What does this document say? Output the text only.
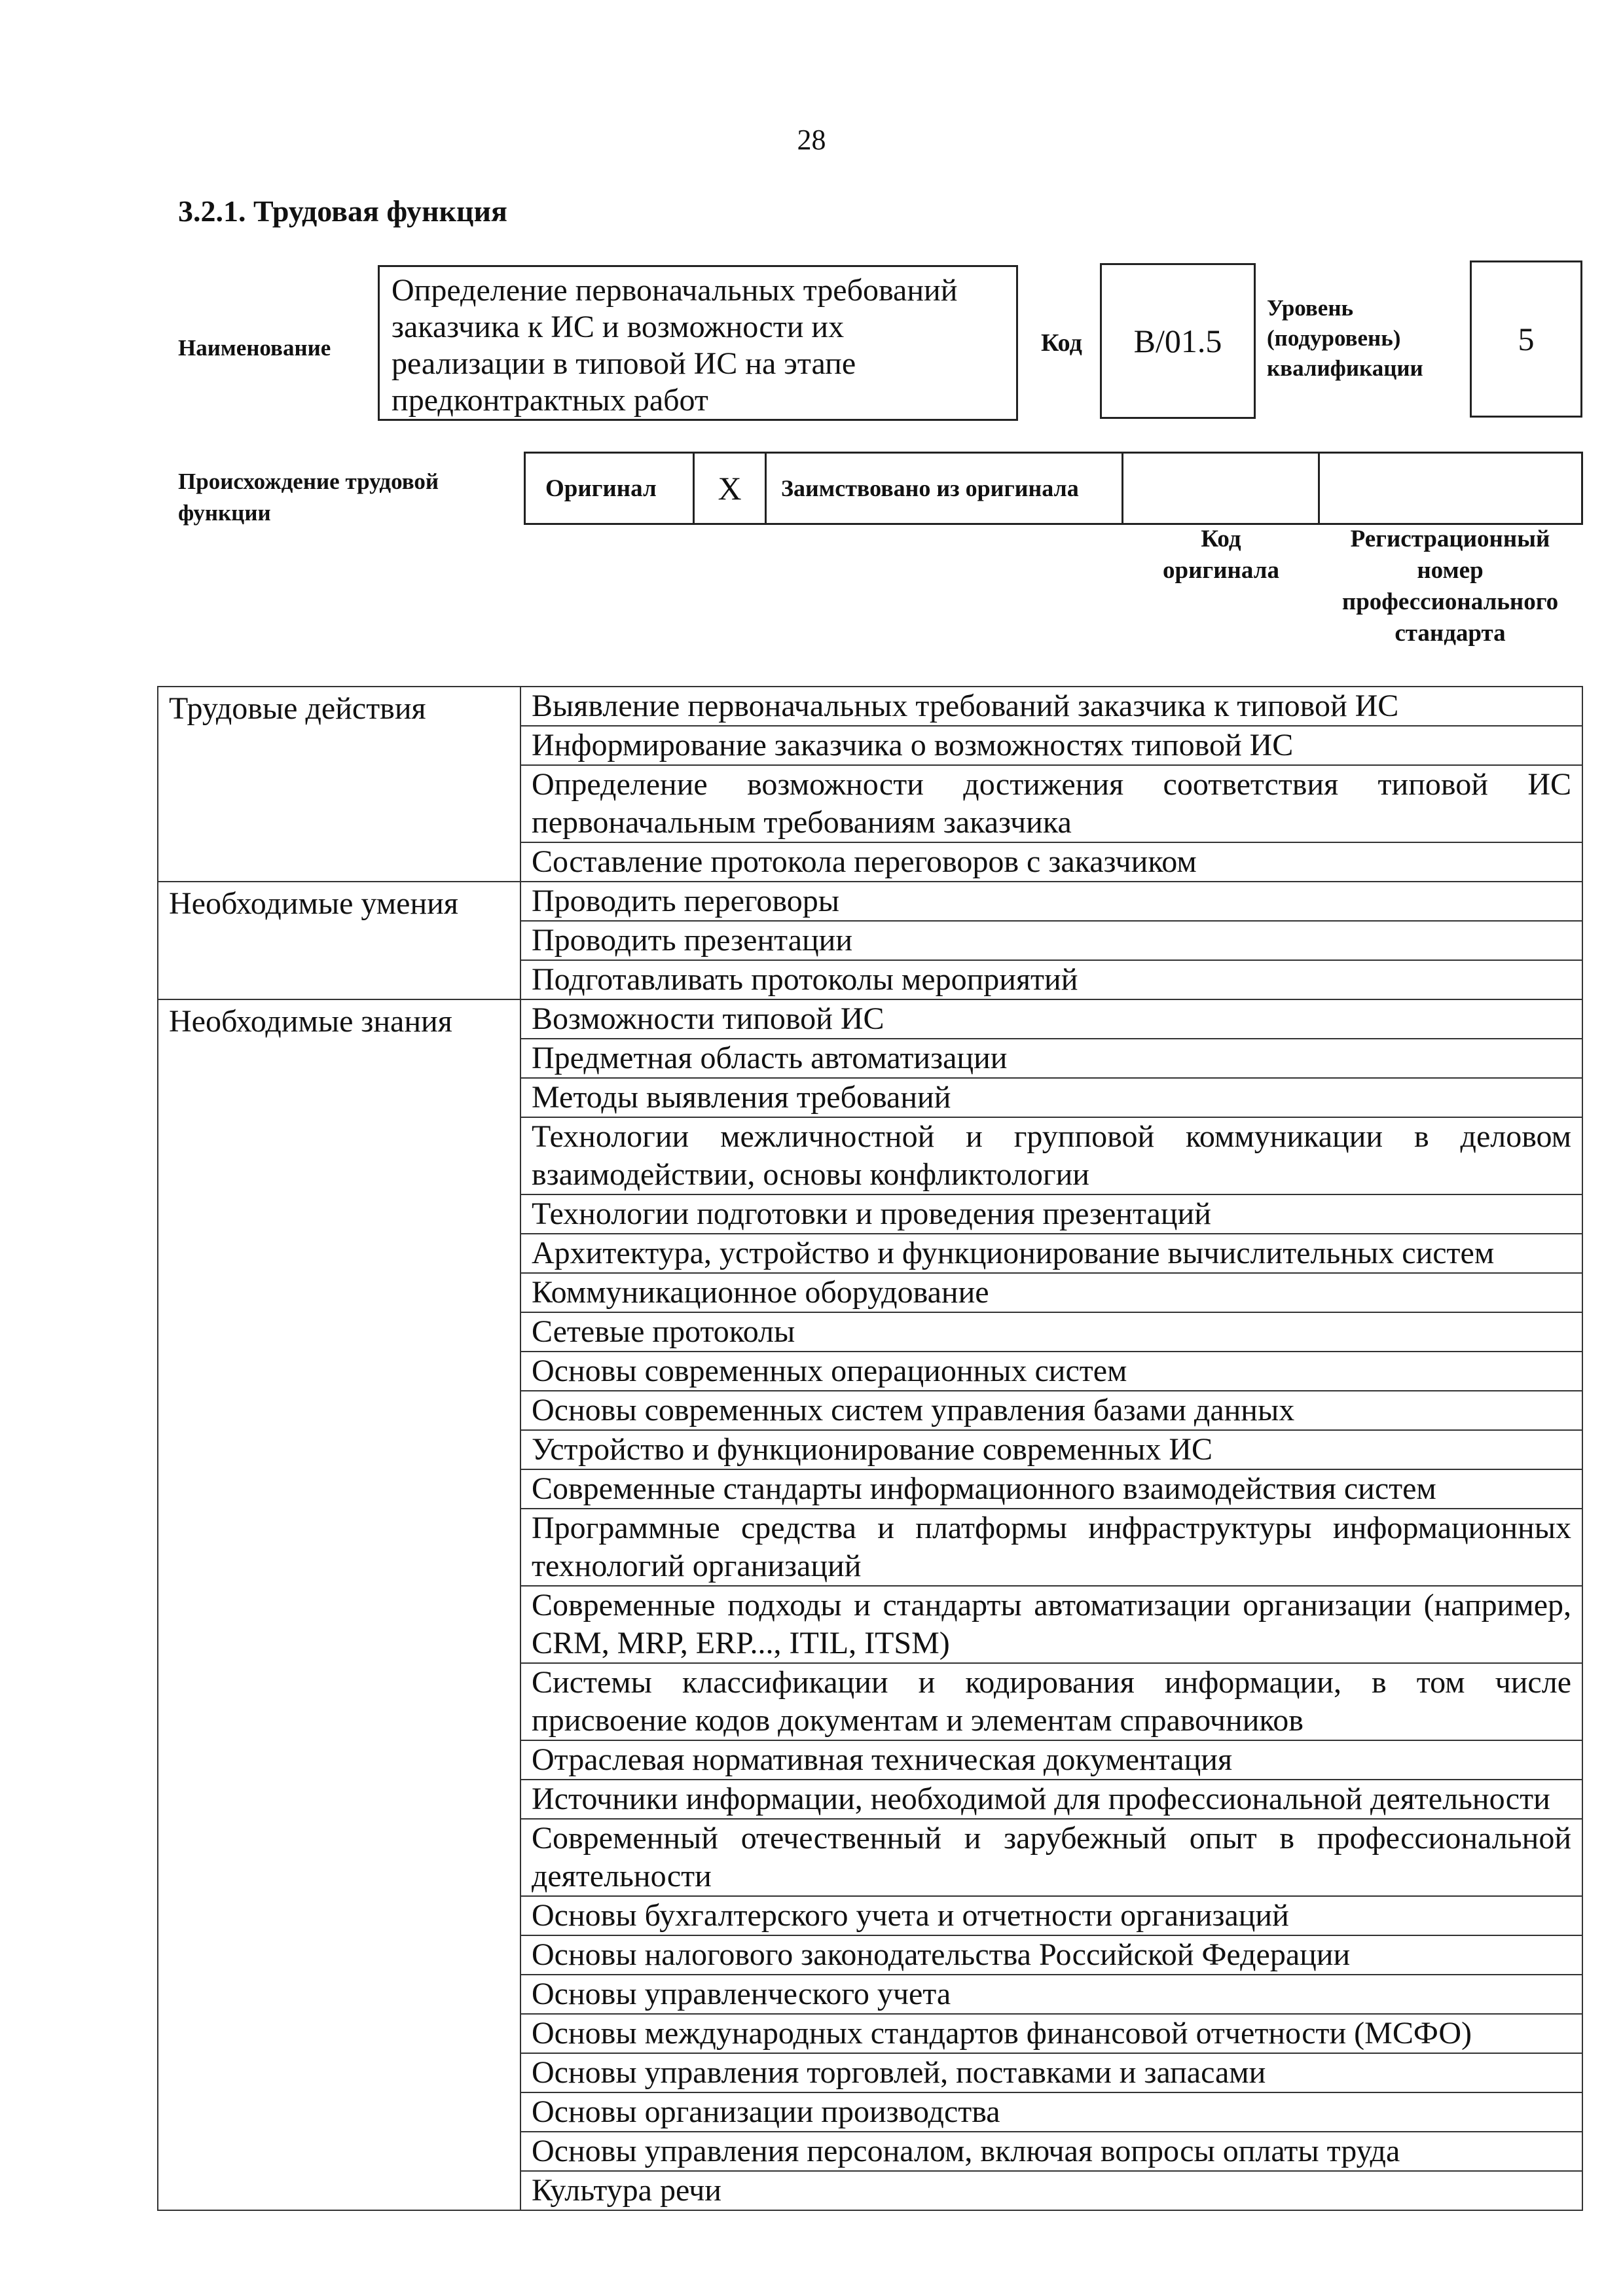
28
3.2.1. Трудовая функция
Наименование
Определение первоначальных требований заказчика к ИС и возможности их реализации в типовой ИС на этапе предконтрактных работ
Код	B/01.5
Уровень (подуровень) квалификации
5
Происхождение трудовой функции
Оригинал	X	Заимствовано из оригинала
Код оригинала
Регистрационный номер профессионального стандарта
Трудовые действия	Выявление первоначальных требований заказчика к типовой ИС
	Информирование заказчика о возможностях типовой ИС
	Определение возможности достижения соответствия типовой ИС первоначальным требованиям заказчика
	Составление протокола переговоров с заказчиком
Необходимые умения	Проводить переговоры
	Проводить презентации
	Подготавливать протоколы мероприятий
Необходимые знания	Возможности типовой ИС
	Предметная область автоматизации
	Методы выявления требований
	Технологии межличностной и групповой коммуникации в деловом взаимодействии, основы конфликтологии
	Технологии подготовки и проведения презентаций
	Архитектура, устройство и функционирование вычислительных систем
	Коммуникационное оборудование
	Сетевые протоколы
	Основы современных операционных систем
	Основы современных систем управления базами данных
	Устройство и функционирование современных ИС
	Современные стандарты информационного взаимодействия систем
	Программные средства и платформы инфраструктуры информационных технологий организаций
	Современные подходы и стандарты автоматизации организации (например, CRM, MRP, ERP..., ITIL, ITSM)
	Системы классификации и кодирования информации, в том числе присвоение кодов документам и элементам справочников
	Отраслевая нормативная техническая документация
	Источники информации, необходимой для профессиональной деятельности
	Современный отечественный и зарубежный опыт в профессиональной деятельности
	Основы бухгалтерского учета и отчетности организаций
	Основы налогового законодательства Российской Федерации
	Основы управленческого учета
	Основы международных стандартов финансовой отчетности (МСФО)
	Основы управления торговлей, поставками и запасами
	Основы организации производства
	Основы управления персоналом, включая вопросы оплаты труда
	Культура речи
